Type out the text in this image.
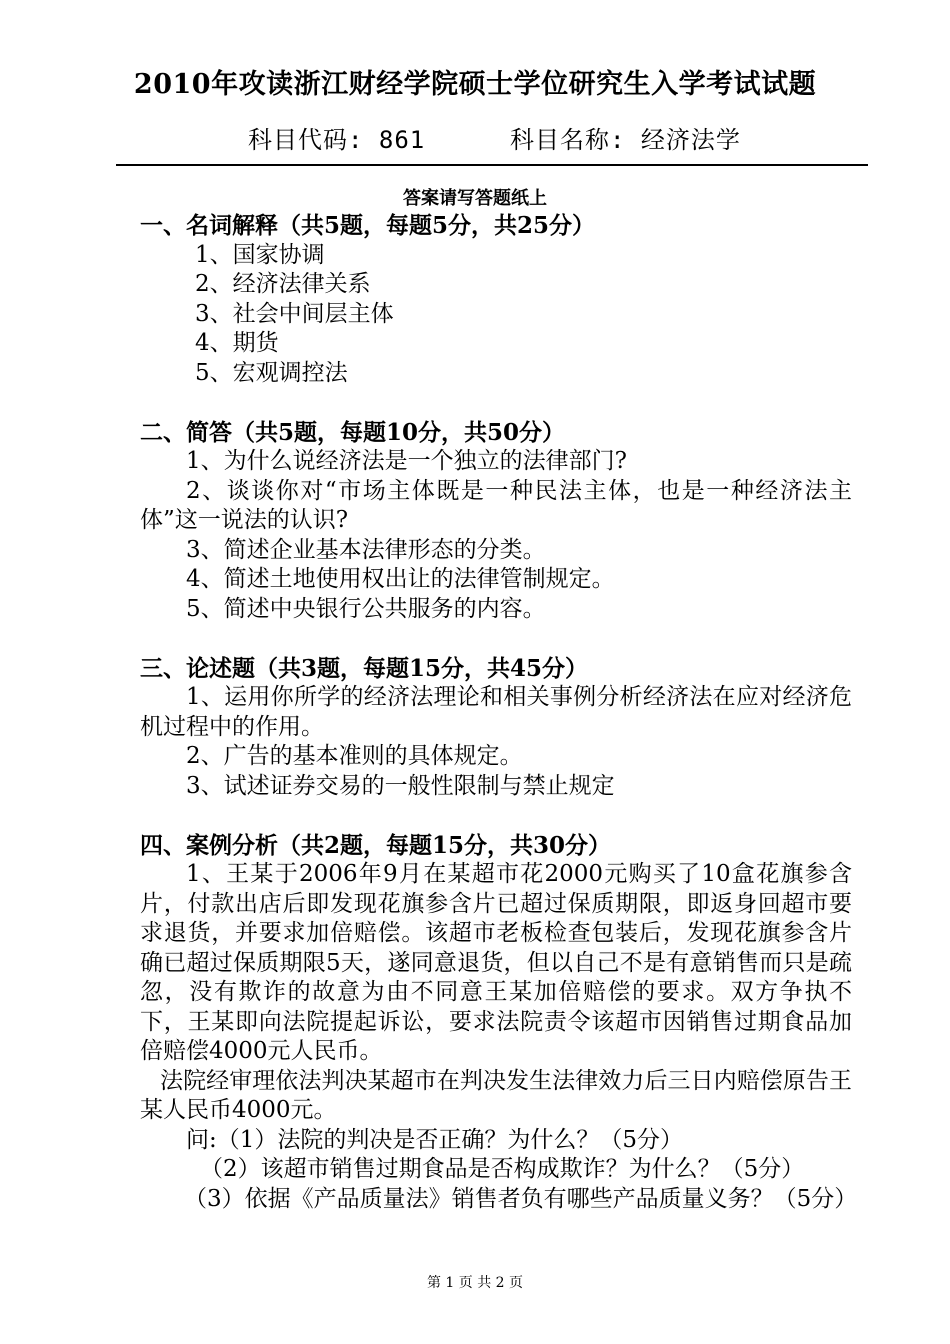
2010年攻读浙江财经学院硕士学位研究生入学考试试题
科目代码: 861	科目名称: 经济法学
答案请写答题纸上

一、名词解释（共5题，每题5分，共25分）

1、国家协调

2、经济法律关系

3、社会中间层主体

4、期货

5、宏观调控法

二、简答（共5题，每题10分，共50分）

1、为什么说经济法是一个独立的法律部门?

2、谈谈你对“市场主体既是一种民法主体，也是一种经济法主体”这一说法的认识?

3、简述企业基本法律形态的分类。

4、简述土地使用权出让的法律管制规定。

5、简述中央银行公共服务的内容。

三、论述题（共3题，每题15分，共45分）

1、运用你所学的经济法理论和相关事例分析经济法在应对经济危机过程中的作用。

2、广告的基本准则的具体规定。

3、试述证券交易的一般性限制与禁止规定

四、案例分析（共2题，每题15分，共30分）

1、王某于2006年9月在某超市花2000元购买了10盒花旗参含片，付款出店后即发现花旗参含片已超过保质期限，即返身回超市要求退货，并要求加倍赔偿。该超市老板检查包装后，发现花旗参含片确已超过保质期限5天，遂同意退货，但以自己不是有意销售而只是疏忽，没有欺诈的故意为由不同意王某加倍赔偿的要求。双方争执不下，王某即向法院提起诉讼，要求法院责令该超市因销售过期食品加倍赔偿4000元人民币。

法院经审理依法判决某超市在判决发生法律效力后三日内赔偿原告王某人民币4000元。

问:（1）法院的判决是否正确？为什么？（5分）

（2）该超市销售过期食品是否构成欺诈？为什么？（5分）

（3）依据《产品质量法》销售者负有哪些产品质量义务？（5分）

第 1 页 共 2 页
